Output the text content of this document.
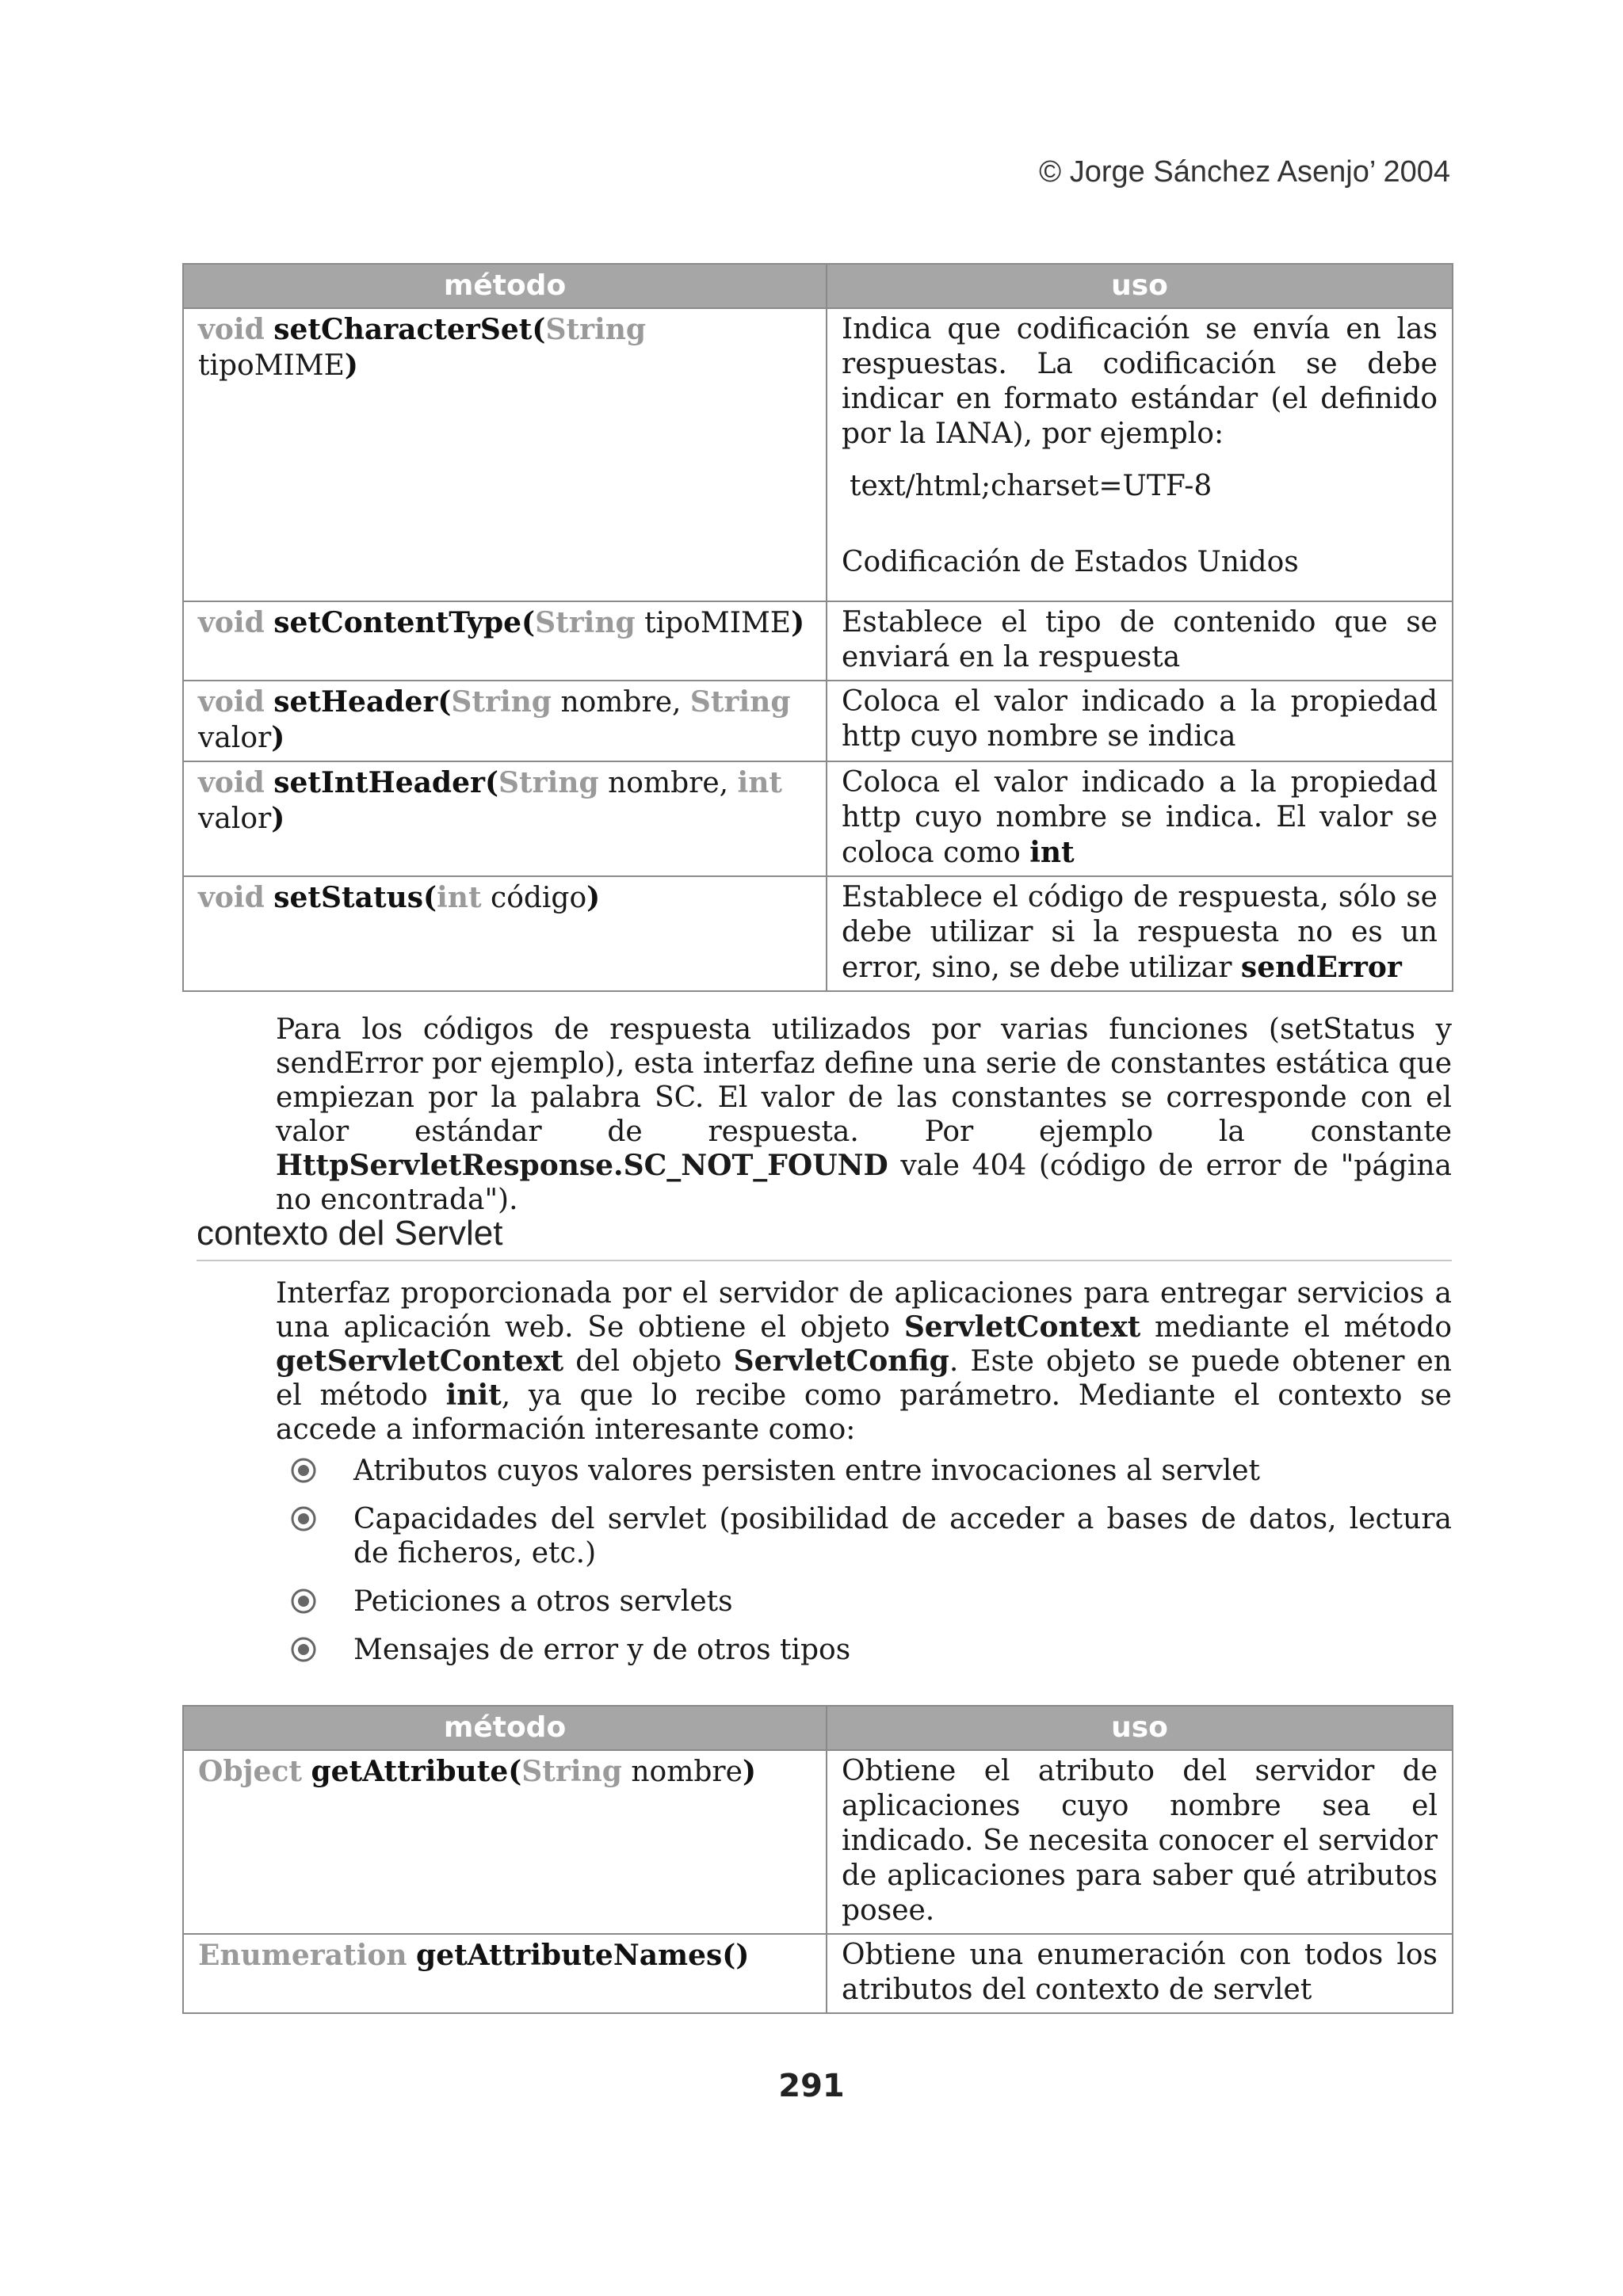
© Jorge Sánchez Asenjo’ 2004
método	uso
void setCharacterSet(String tipoMIME)	Indica que codificación se envía en las respuestas. La codificación se debe indicar en formato estándar (el definido por la IANA), por ejemplo:
text/html;charset=UTF-8
Codificación de Estados Unidos

void setContentType(String tipoMIME)	Establece el tipo de contenido que se enviará en la respuesta
void setHeader(String nombre, String valor)	Coloca el valor indicado a la propiedad http cuyo nombre se indica
void setIntHeader(String nombre, int valor)	Coloca el valor indicado a la propiedad http cuyo nombre se indica. El valor se coloca como int
void setStatus(int código)	Establece el código de respuesta, sólo se debe utilizar si la respuesta no es un error, sino, se debe utilizar sendError
Para los códigos de respuesta utilizados por varias funciones (setStatus y sendError por ejemplo), esta interfaz define una serie de constantes estática que empiezan por la palabra SC. El valor de las constantes se corresponde con el valor estándar de respuesta. Por ejemplo la constante HttpServletResponse.SC_NOT_FOUND vale 404 (código de error de "página no encontrada").
contexto del Servlet
Interfaz proporcionada por el servidor de aplicaciones para entregar servicios a una aplicación web. Se obtiene el objeto ServletContext mediante el método getServletContext del objeto ServletConfig. Este objeto se puede obtener en el método init, ya que lo recibe como parámetro. Mediante el contexto se accede a información interesante como:
Atributos cuyos valores persisten entre invocaciones al servlet
Capacidades del servlet (posibilidad de acceder a bases de datos, lectura de ficheros, etc.)
Peticiones a otros servlets
Mensajes de error y de otros tipos
método	uso
Object getAttribute(String nombre)	Obtiene el atributo del servidor de aplicaciones cuyo nombre sea el indicado. Se necesita conocer el servidor de aplicaciones para saber qué atributos posee.
Enumeration getAttributeNames()	Obtiene una enumeración con todos los atributos del contexto de servlet
291
